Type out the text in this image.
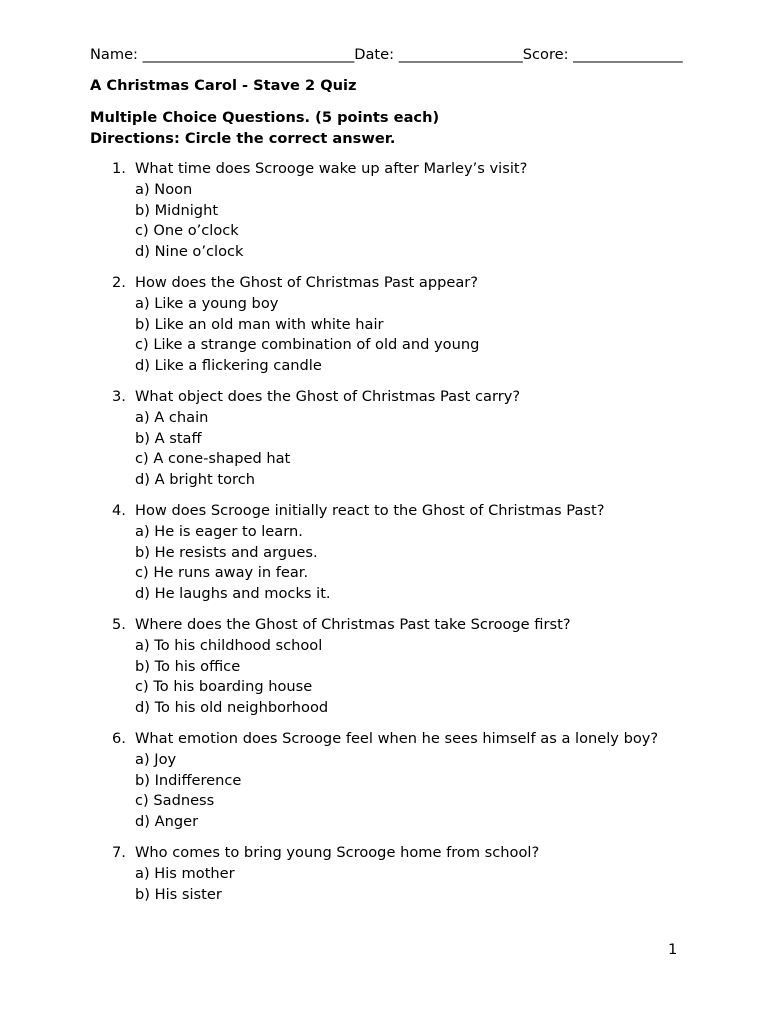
Name: _____________________________Date: _________________Score: _______________

A Christmas Carol - Stave 2 Quiz

Multiple Choice Questions. (5 points each)
Directions: Circle the correct answer.

1. What time does Scrooge wake up after Marley’s visit?
a) Noon
b) Midnight
c) One o’clock
d) Nine o’clock
2. How does the Ghost of Christmas Past appear?
a) Like a young boy
b) Like an old man with white hair
c) Like a strange combination of old and young
d) Like a flickering candle
3. What object does the Ghost of Christmas Past carry?
a) A chain
b) A staff
c) A cone-shaped hat
d) A bright torch
4. How does Scrooge initially react to the Ghost of Christmas Past?
a) He is eager to learn.
b) He resists and argues.
c) He runs away in fear.
d) He laughs and mocks it.
5. Where does the Ghost of Christmas Past take Scrooge first?
a) To his childhood school
b) To his office
c) To his boarding house
d) To his old neighborhood
6. What emotion does Scrooge feel when he sees himself as a lonely boy?
a) Joy
b) Indifference
c) Sadness
d) Anger
7. Who comes to bring young Scrooge home from school?
a) His mother
b) His sister
1
